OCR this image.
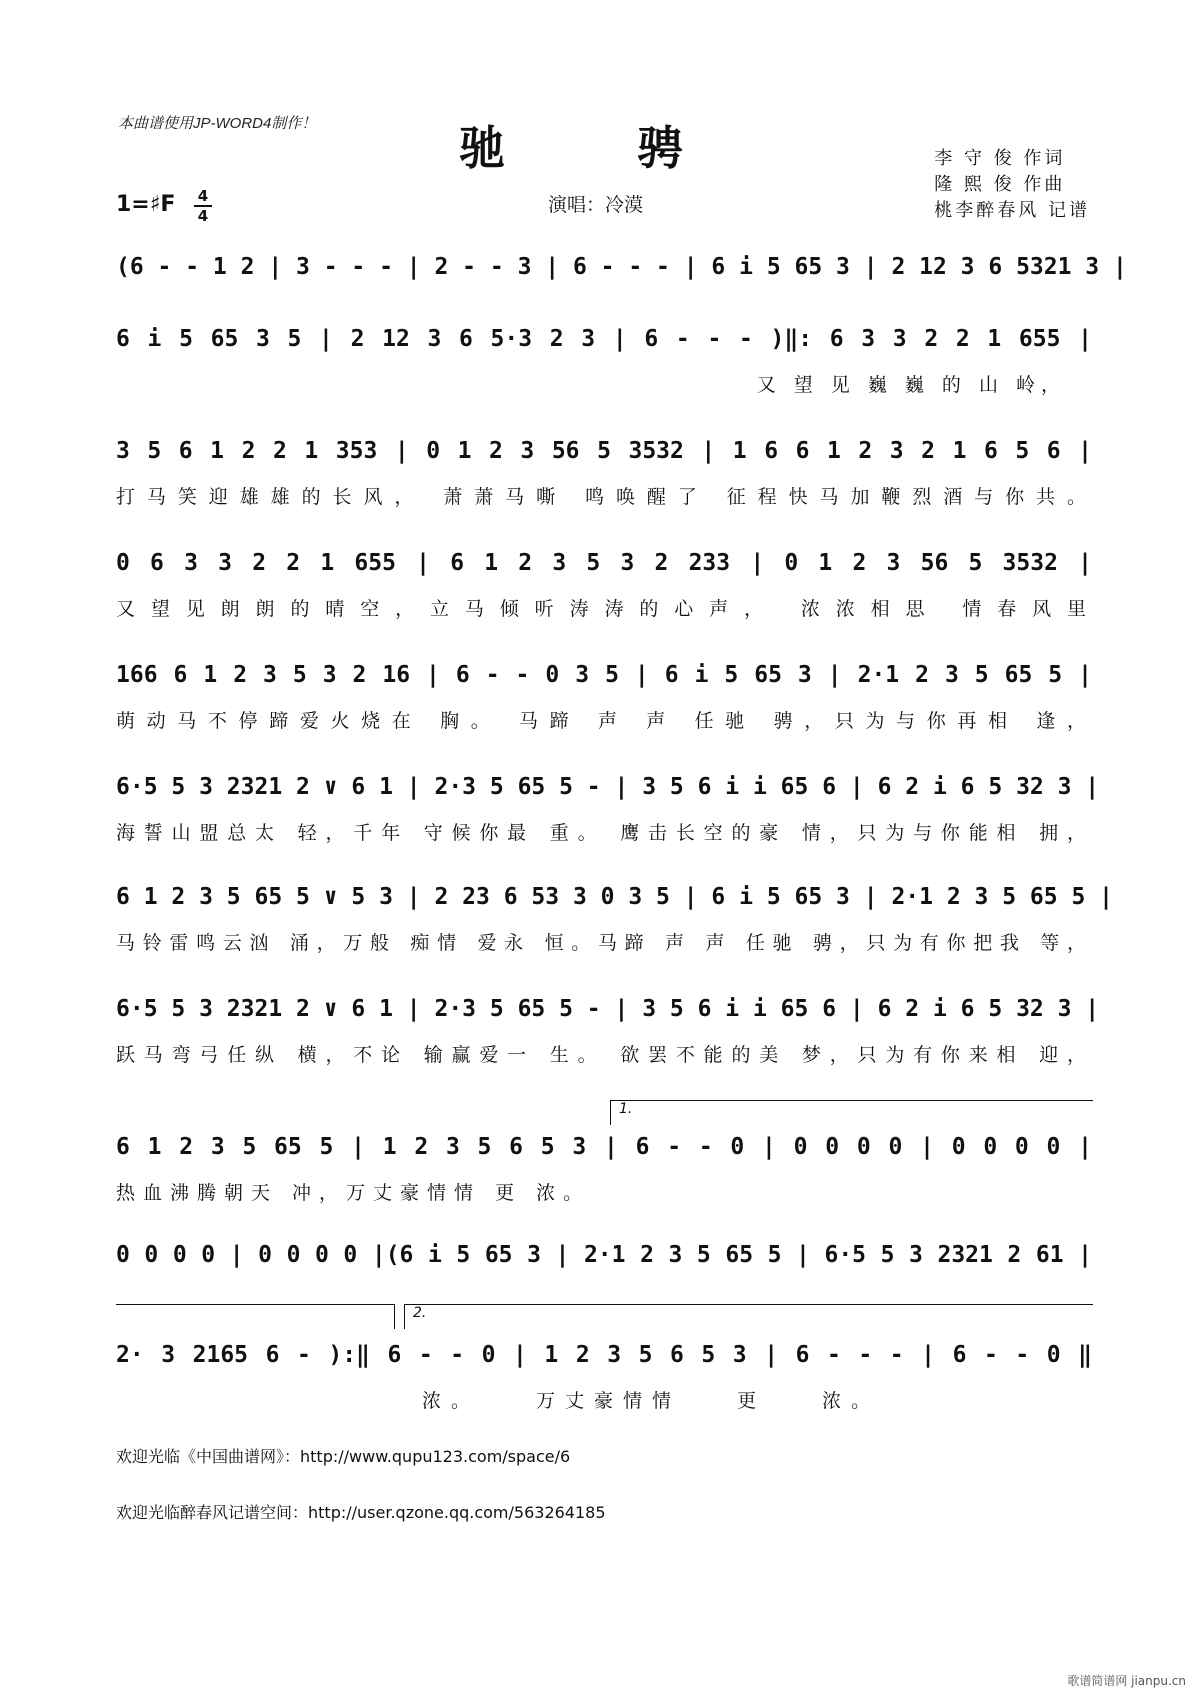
本曲谱使用JP-WORD4制作！	驰 骋	李 守 俊 作词
隆 熙 俊 作曲
桃李醉春风 记谱
1=♯F 4
4	演唱：冷漠
(6 - - 1 2 | 3 - - - | 2 - - 3 | 6 - - - | 6 i 5 65 3 | 2 12 3 6 5321 3 |
6 i 5 65 3 5 | 2 12 3 6 5·3 2 3 | 6 - - - )‖: 6 3 3 2 2 1 655 |
又 望 见 巍 巍 的 山 岭，
3 5 6 1 2 2 1 353 | 0 1 2 3 56 5 3532 | 1 6 6 1 2 3 2 1 6 5 6 |
打马笑迎雄雄的长风， 萧萧马嘶 鸣唤醒了 征程快马加鞭烈酒与你共。
0 6 3 3 2 2 1 655 | 6 1 2 3 5 3 2 233 | 0 1 2 3 56 5 3532 |
又望见朗朗的晴空，立马倾听涛涛的心声， 浓浓相思 情春风里
166 6 1 2 3 5 3 2 16 | 6 - - 0 3 5 | 6 i 5 65 3 | 2·1 2 3 5 65 5 |
萌动马不停蹄爱火烧在 胸。 马蹄 声 声 任驰 骋，只为与你再相 逢，
6·5 5 3 2321 2 ∨ 6 1 | 2·3 5 65 5 - | 3 5 6 i i 65 6 | 6 2 i 6 5 32 3 |
海誓山盟总太 轻，千年 守候你最 重。 鹰击长空的豪 情，只为与你能相 拥，
6 1 2 3 5 65 5 ∨ 5 3 | 2 23 6 53 3 0 3 5 | 6 i 5 65 3 | 2·1 2 3 5 65 5 |
马铃雷鸣云汹 涌，万般 痴情 爱永 恒。马蹄 声 声 任驰 骋，只为有你把我 等，
6·5 5 3 2321 2 ∨ 6 1 | 2·3 5 65 5 - | 3 5 6 i i 65 6 | 6 2 i 6 5 32 3 |
跃马弯弓任纵 横，不论 输赢爱一 生。 欲罢不能的美 梦，只为有你来相 迎，
1.
6 1 2 3 5 65 5 | 1 2 3 5 6 5 3 | 6 - - 0 | 0 0 0 0 | 0 0 0 0 |
热血沸腾朝天 冲，万丈豪情情 更 浓。
0 0 0 0 | 0 0 0 0 |(6 i 5 65 3 | 2·1 2 3 5 65 5 | 6·5 5 3 2321 2 61 |
2.
2· 3 2165 6 - ):‖ 6 - - 0 | 1 2 3 5 6 5 3 | 6 - - - | 6 - - 0 ‖
浓。 万丈豪情情 更 浓。
欢迎光临《中国曲谱网》：http://www.qupu123.com/space/6
欢迎光临醉春风记谱空间：http://user.qzone.qq.com/563264185
歌谱简谱网 jianpu.cn
